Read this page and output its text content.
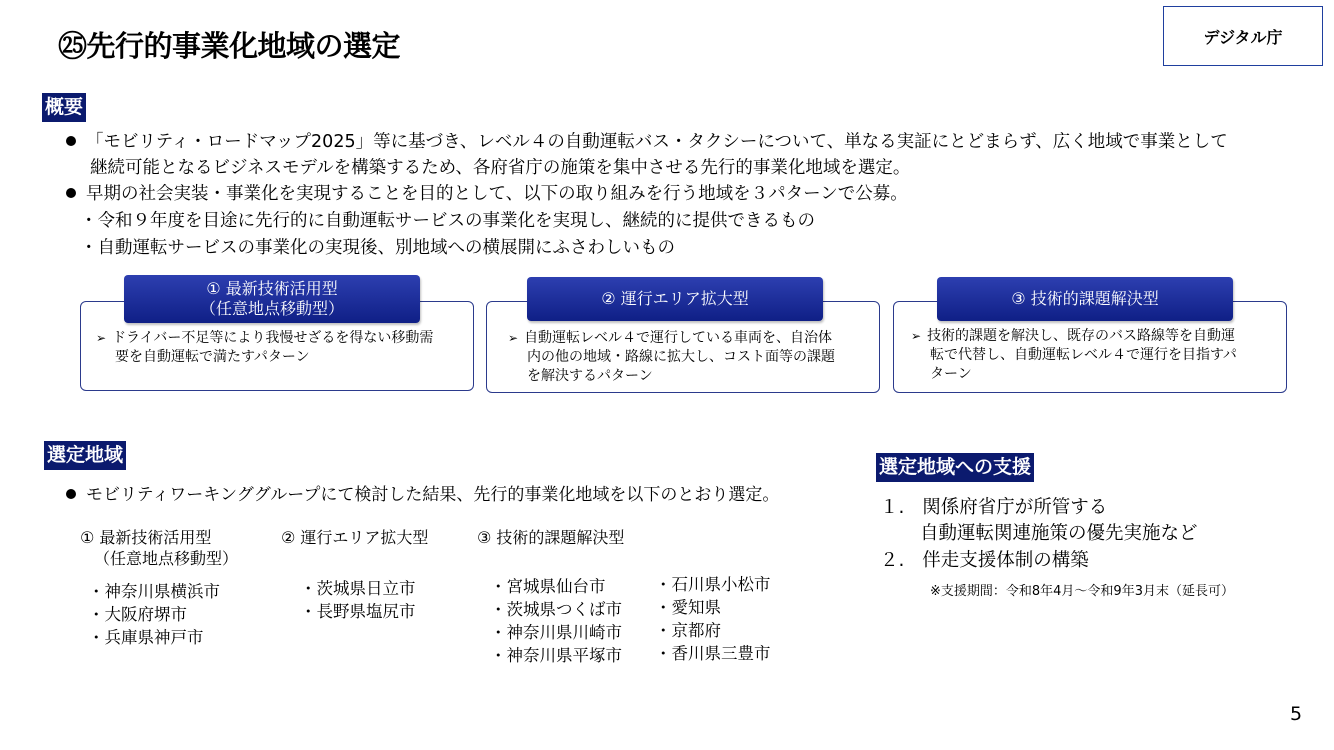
㉕先行的事業化地域の選定	デジタル庁
概要
「モビリティ・ロードマップ2025」等に基づき、レベル４の自動運転バス・タクシーについて、単なる実証にとどまらず、広く地域で事業として
継続可能となるビジネスモデルを構築するため、各府省庁の施策を集中させる先行的事業化地域を選定。
早期の社会実装・事業化を実現することを目的として、以下の取り組みを行う地域を３パターンで公募。
・令和９年度を目途に先行的に自動運転サービスの事業化を実現し、継続的に提供できるもの
・自動運転サービスの事業化の実現後、別地域への横展開にふさわしいもの
① 最新技術活用型
（任意地点移動型）
➢ ドライバー不足等により我慢せざるを得ない移動需
要を自動運転で満たすパターン
② 運行エリア拡大型
➢ 自動運転レベル４で運行している車両を、自治体
内の他の地域・路線に拡大し、コスト面等の課題
を解決するパターン
③ 技術的課題解決型
➢ 技術的課題を解決し、既存のバス路線等を自動運
転で代替し、自動運転レベル４で運行を目指すパ
ターン
選定地域
モビリティワーキンググループにて検討した結果、先行的事業化地域を以下のとおり選定。
① 最新技術活用型
（任意地点移動型）
② 運行エリア拡大型	③ 技術的課題解決型
・神奈川県横浜市
・大阪府堺市
・兵庫県神戸市
・茨城県日立市
・長野県塩尻市
・宮城県仙台市
・茨城県つくば市
・神奈川県川崎市
・神奈川県平塚市
・石川県小松市
・愛知県
・京都府
・香川県三豊市
選定地域への支援
１. 関係府省庁が所管する
自動運転関連施策の優先実施など
２. 伴走支援体制の構築
※支援期間：令和8年4月～令和9年3月末（延長可）
5
